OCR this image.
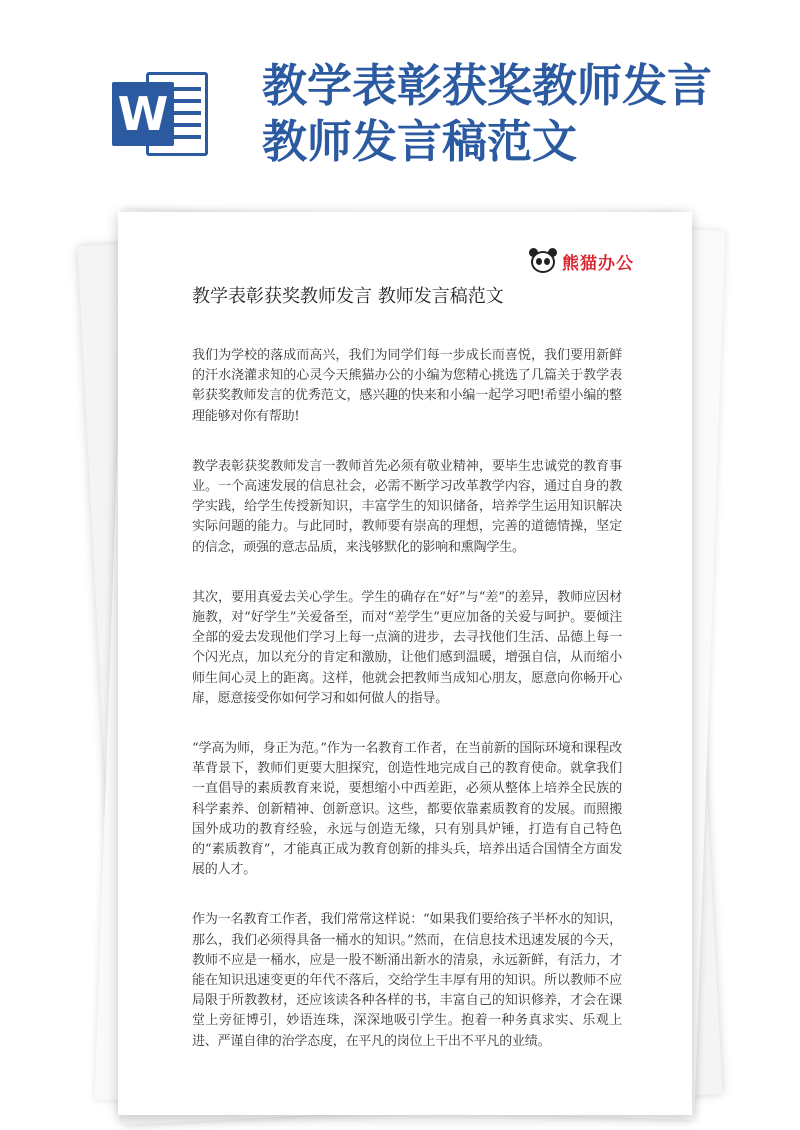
W
教学表彰获奖教师发言
教师发言稿范文
熊猫办公
教学表彰获奖教师发言 教师发言稿范文

我们为学校的落成而高兴，我们为同学们每一步成长而喜悦，我们要用新鲜的汗水浇灌求知的心灵今天熊猫办公的小编为您精心挑选了几篇关于教学表彰获奖教师发言的优秀范文，感兴趣的快来和小编一起学习吧!希望小编的整理能够对你有帮助!

教学表彰获奖教师发言一教师首先必须有敬业精神，要毕生忠诚党的教育事业。一个高速发展的信息社会，必需不断学习改革教学内容，通过自身的教学实践，给学生传授新知识，丰富学生的知识储备，培养学生运用知识解决实际问题的能力。与此同时，教师要有崇高的理想，完善的道德情操，坚定的信念，顽强的意志品质，来浅够默化的影响和熏陶学生。

其次，要用真爱去关心学生。学生的确存在“好”与“差”的差异，教师应因材施教，对“好学生”关爱备至，而对“差学生”更应加备的关爱与呵护。要倾注全部的爱去发现他们学习上每一点滴的进步，去寻找他们生活、品德上每一个闪光点，加以充分的肯定和激励，让他们感到温暖，增强自信，从而缩小师生间心灵上的距离。这样，他就会把教师当成知心朋友，愿意向你畅开心扉，愿意接受你如何学习和如何做人的指导。

“学高为师，身正为范。”作为一名教育工作者，在当前新的国际环境和课程改革背景下，教师们更要大胆探究，创造性地完成自己的教育使命。就拿我们一直倡导的素质教育来说，要想缩小中西差距，必须从整体上培养全民族的科学素养、创新精神、创新意识。这些，都要依靠素质教育的发展。而照搬国外成功的教育经验，永远与创造无缘，只有别具炉锤，打造有自己特色的“素质教育”，才能真正成为教育创新的排头兵，培养出适合国情全方面发展的人才。

作为一名教育工作者，我们常常这样说：“如果我们要给孩子半杯水的知识，那么，我们必须得具备一桶水的知识。”然而，在信息技术迅速发展的今天，教师不应是一桶水，应是一股不断涌出新水的清泉，永远新鲜，有活力，才能在知识迅速变更的年代不落后，交给学生丰厚有用的知识。所以教师不应局限于所教教材，还应该读各种各样的书，丰富自己的知识修养，才会在课堂上旁征博引，妙语连珠，深深地吸引学生。抱着一种务真求实、乐观上进、严谨自律的治学态度，在平凡的岗位上干出不平凡的业绩。
